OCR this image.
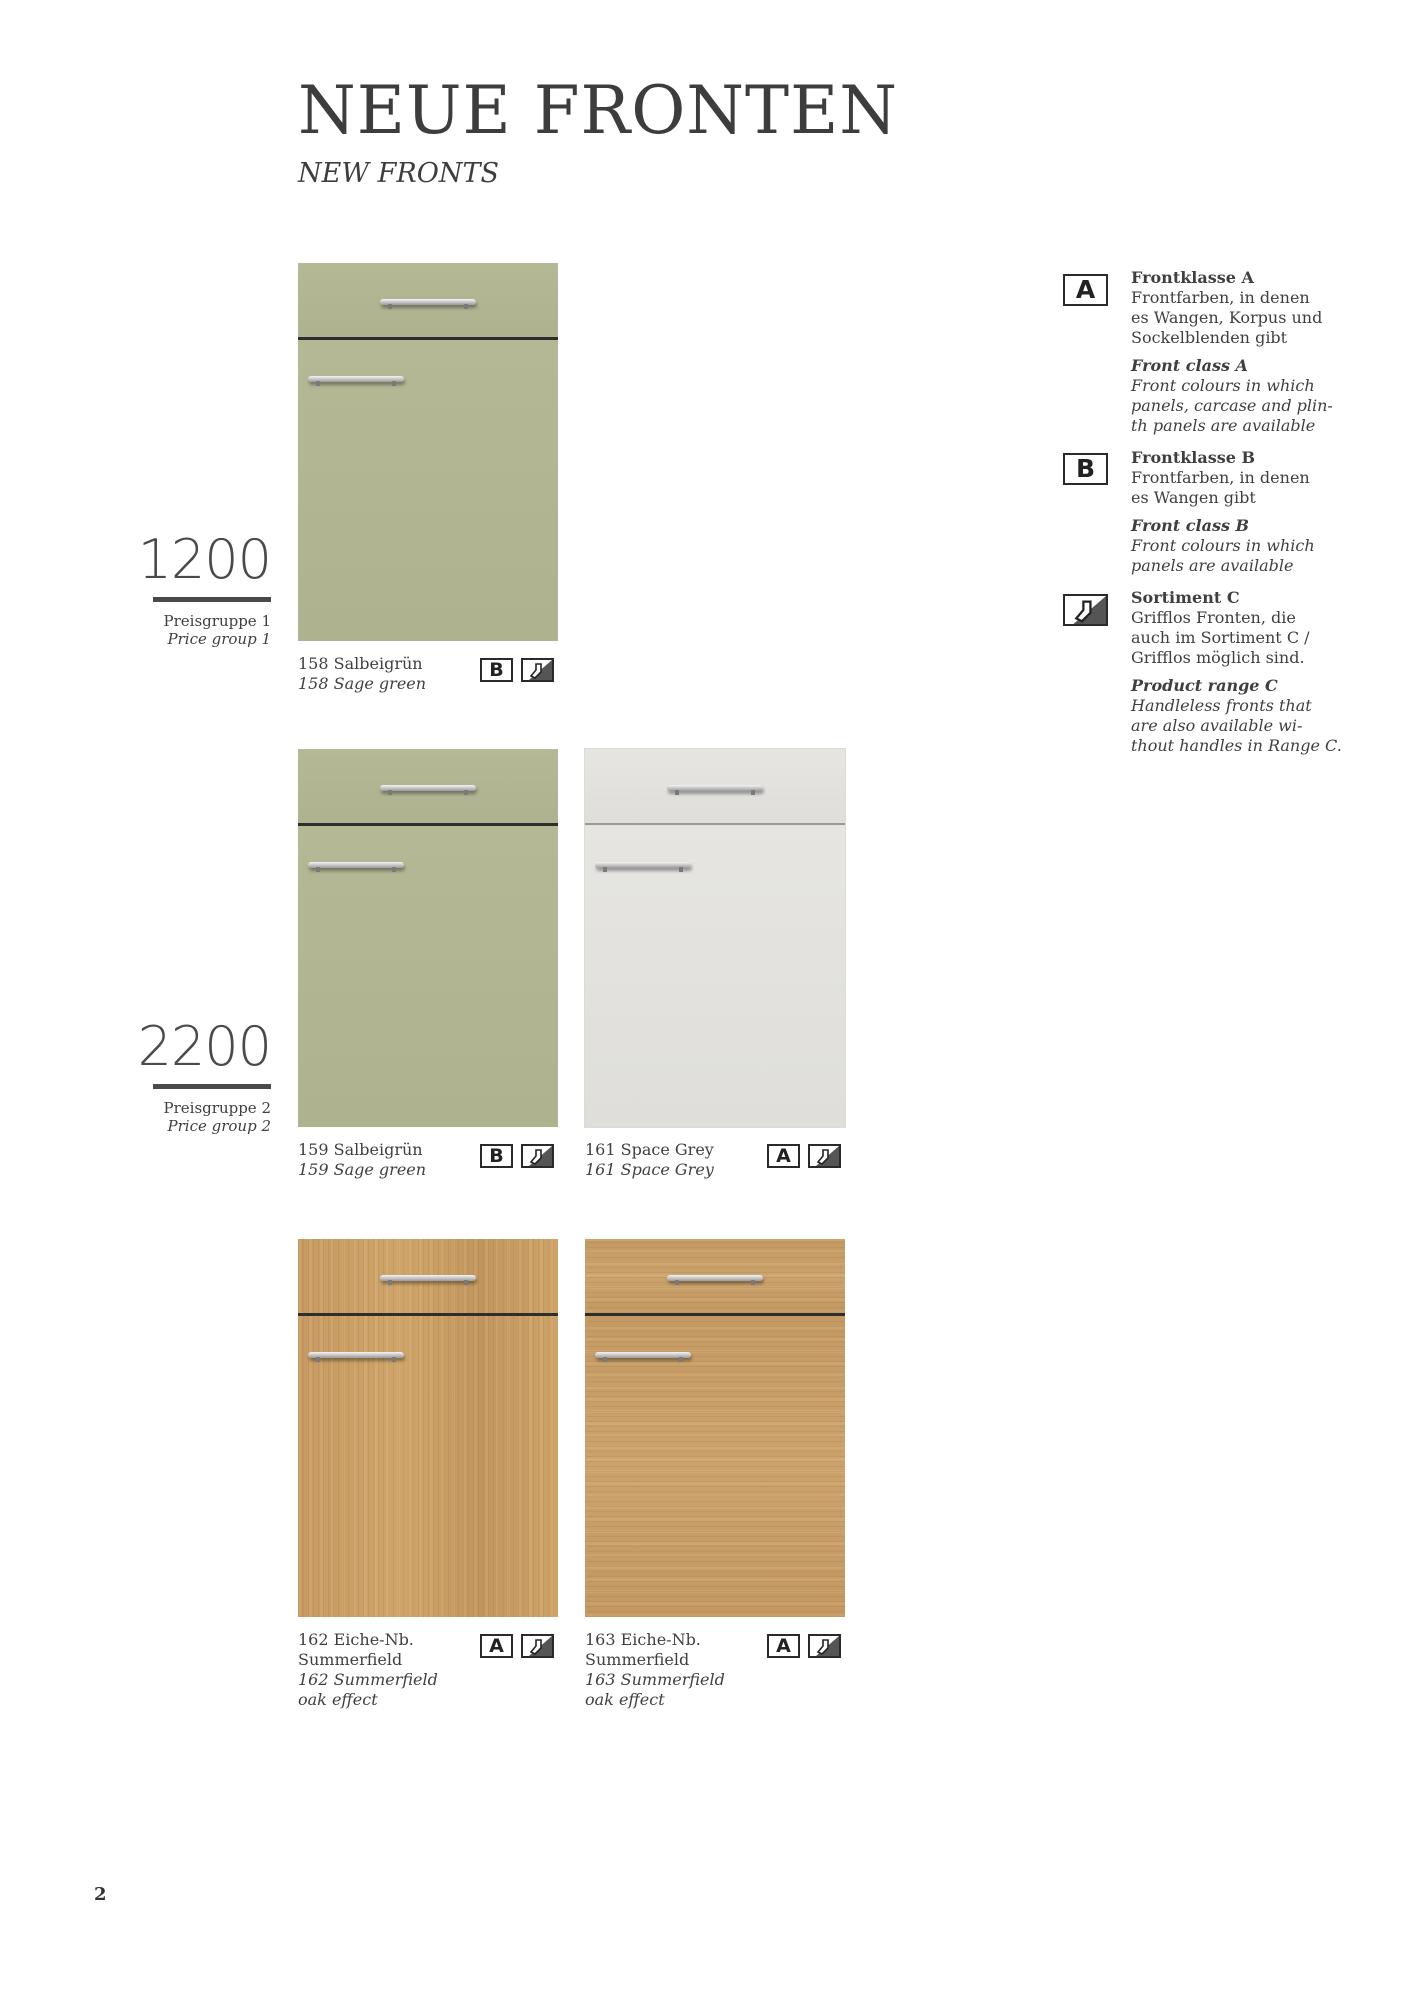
NEUE FRONTEN
NEW FRONTS
1200
Preisgruppe 1
Price group 1
2200
Preisgruppe 2
Price group 2
158 Salbeigrün
158 Sage green
B
159 Salbeigrün
159 Sage green
B	161 Space Grey
161 Space Grey
A
162 Eiche-Nb.
Summerfield
162 Summerfield
oak effect
A	163 Eiche-Nb.
Summerfield
163 Summerfield
oak effect
A
A	Frontklasse A
Frontfarben, in denen
es Wangen, Korpus und
Sockelblenden gibt
Front class A
Front colours in which
panels, carcase and plin-
th panels are available
B	Frontklasse B
Frontfarben, in denen
es Wangen gibt
Front class B
Front colours in which
panels are available
Sortiment C
Grifflos Fronten, die
auch im Sortiment C /
Grifflos möglich sind.
Product range C
Handleless fronts that
are also available wi-
thout handles in Range C.
2
